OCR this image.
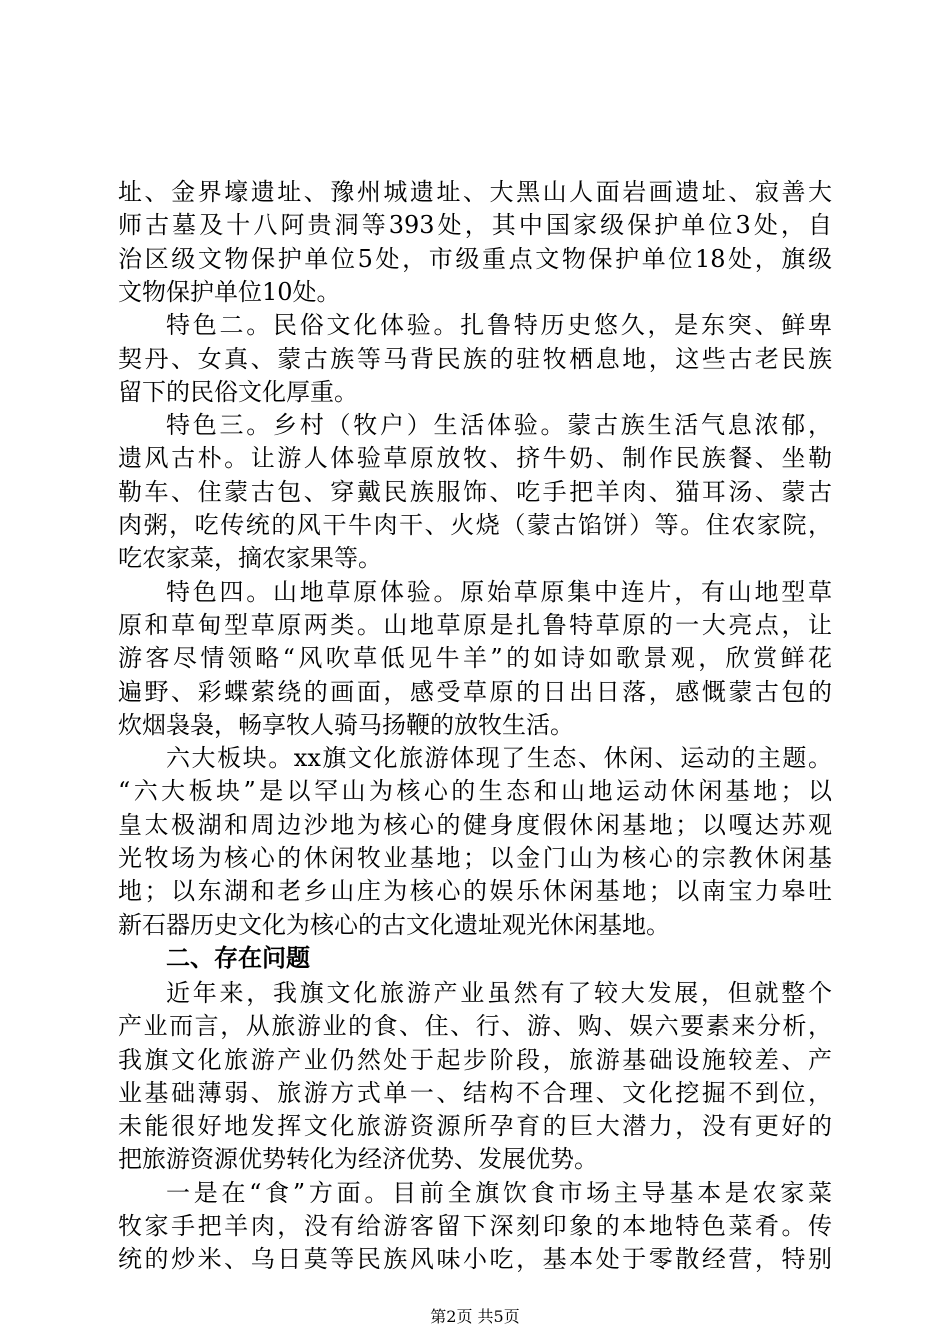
址、金界壕遗址、豫州城遗址、大黑山人面岩画遗址、寂善大
师古墓及十八阿贵洞等393处，其中国家级保护单位3处，自
治区级文物保护单位5处，市级重点文物保护单位18处，旗级
文物保护单位10处。
特色二。民俗文化体验。扎鲁特历史悠久，是东突、鲜卑
契丹、女真、蒙古族等马背民族的驻牧栖息地，这些古老民族
留下的民俗文化厚重。
特色三。乡村（牧户）生活体验。蒙古族生活气息浓郁，
遗风古朴。让游人体验草原放牧、挤牛奶、制作民族餐、坐勒
勒车、住蒙古包、穿戴民族服饰、吃手把羊肉、猫耳汤、蒙古
肉粥，吃传统的风干牛肉干、火烧（蒙古馅饼）等。住农家院，
吃农家菜，摘农家果等。
特色四。山地草原体验。原始草原集中连片，有山地型草
原和草甸型草原两类。山地草原是扎鲁特草原的一大亮点，让
游客尽情领略“风吹草低见牛羊”的如诗如歌景观，欣赏鲜花
遍野、彩蝶萦绕的画面，感受草原的日出日落，感慨蒙古包的
炊烟袅袅，畅享牧人骑马扬鞭的放牧生活。
六大板块。xx旗文化旅游体现了生态、休闲、运动的主题。
“六大板块”是以罕山为核心的生态和山地运动休闲基地；以
皇太极湖和周边沙地为核心的健身度假休闲基地；以嘎达苏观
光牧场为核心的休闲牧业基地；以金门山为核心的宗教休闲基
地；以东湖和老乡山庄为核心的娱乐休闲基地；以南宝力皋吐
新石器历史文化为核心的古文化遗址观光休闲基地。
二、存在问题
近年来，我旗文化旅游产业虽然有了较大发展，但就整个
产业而言，从旅游业的食、住、行、游、购、娱六要素来分析，
我旗文化旅游产业仍然处于起步阶段，旅游基础设施较差、产
业基础薄弱、旅游方式单一、结构不合理、文化挖掘不到位，
未能很好地发挥文化旅游资源所孕育的巨大潜力，没有更好的
把旅游资源优势转化为经济优势、发展优势。
一是在“食”方面。目前全旗饮食市场主导基本是农家菜
牧家手把羊肉，没有给游客留下深刻印象的本地特色菜肴。传
统的炒米、乌日莫等民族风味小吃，基本处于零散经营，特别
第2页 共5页
